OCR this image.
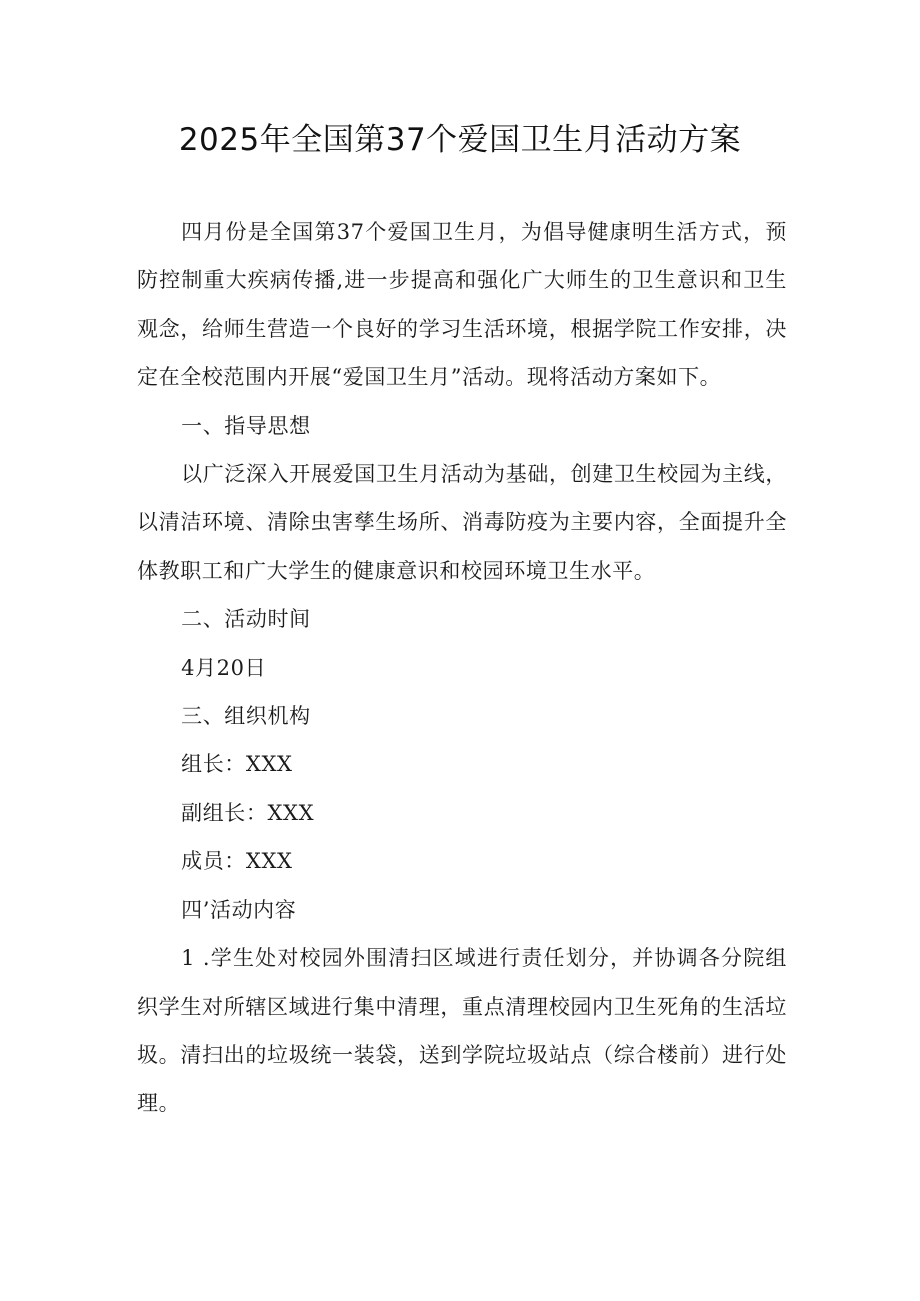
2025年全国第37个爱国卫生月活动方案

四月份是全国第37个爱国卫生月，为倡导健康明生活方式，预防控制重大疾病传播,进一步提高和强化广大师生的卫生意识和卫生观念，给师生营造一个良好的学习生活环境，根据学院工作安排，决定在全校范围内开展“爱国卫生月”活动。现将活动方案如下。

一、指导思想

以广泛深入开展爱国卫生月活动为基础，创建卫生校园为主线，以清洁环境、清除虫害孳生场所、消毒防疫为主要内容，全面提升全体教职工和广大学生的健康意识和校园环境卫生水平。

二、活动时间

4月20日

三、组织机构

组长：XXX

副组长：XXX

成员：XXX

四’活动内容

1 .学生处对校园外围清扫区域进行责任划分，并协调各分院组织学生对所辖区域进行集中清理，重点清理校园内卫生死角的生活垃圾。清扫出的垃圾统一装袋，送到学院垃圾站点（综合楼前）进行处理。
